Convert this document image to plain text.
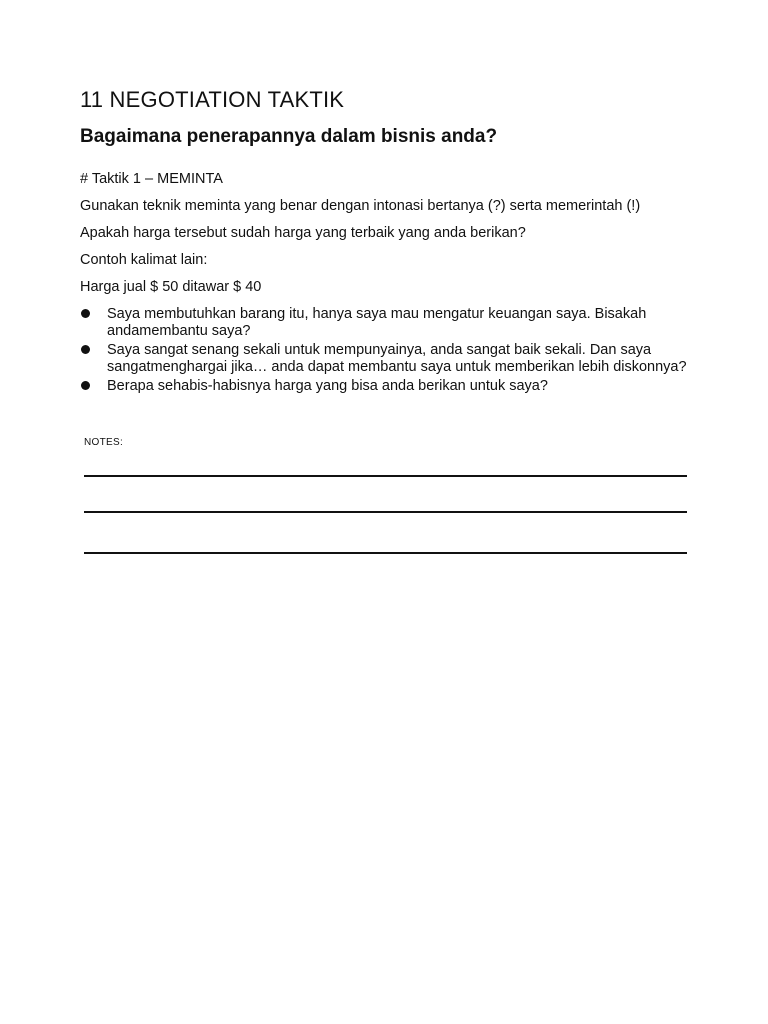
11 NEGOTIATION TAKTIK
Bagaimana penerapannya dalam bisnis anda?

# Taktik 1 – MEMINTA

Gunakan teknik meminta yang benar dengan intonasi bertanya (?) serta memerintah (!)

Apakah harga tersebut sudah harga yang terbaik yang anda berikan?

Contoh kalimat lain:

Harga jual $ 50 ditawar $ 40

Saya membutuhkan barang itu, hanya saya mau mengatur keuangan saya. Bisakah andamembantu saya?
Saya sangat senang sekali untuk mempunyainya, anda sangat baik sekali. Dan saya sangatmenghargai jika… anda dapat membantu saya untuk memberikan lebih diskonnya?
Berapa sehabis-habisnya harga yang bisa anda berikan untuk saya?
NOTES:
